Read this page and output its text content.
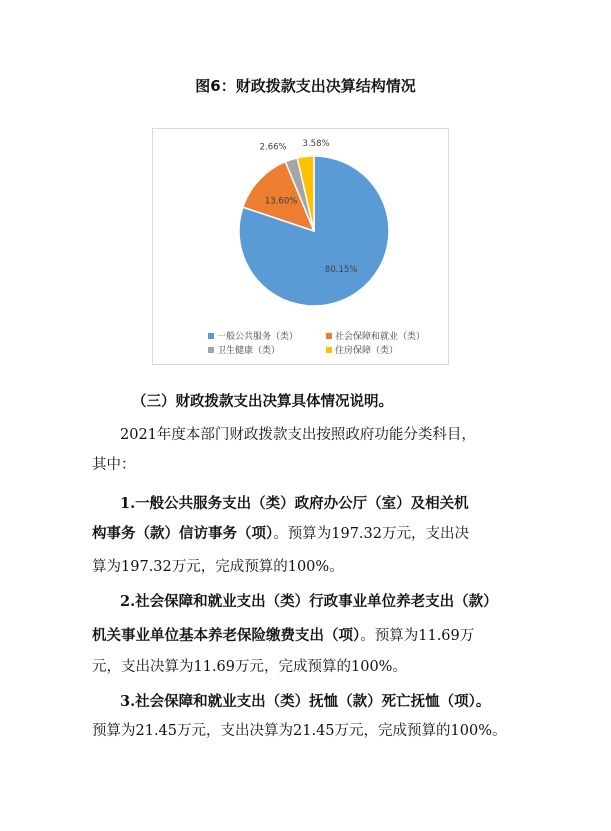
图6：财政拨款支出决算结构情况
80.15%
13.60%
2.66% 3.58%
一般公共服务（类）	社会保障和就业（类）
卫生健康（类）	住房保障（类）
（三）财政拨款支出决算具体情况说明。
2021年度本部门财政拨款支出按照政府功能分类科目，
其中：
1.一般公共服务支出（类）政府办公厅（室）及相关机
构事务（款）信访事务（项）。预算为197.32万元，支出决
算为197.32万元，完成预算的100%。
2.社会保障和就业支出（类）行政事业单位养老支出（款）
机关事业单位基本养老保险缴费支出（项）。预算为11.69万
元，支出决算为11.69万元，完成预算的100%。
3.社会保障和就业支出（类）抚恤（款）死亡抚恤（项）。
预算为21.45万元，支出决算为21.45万元，完成预算的100%。
